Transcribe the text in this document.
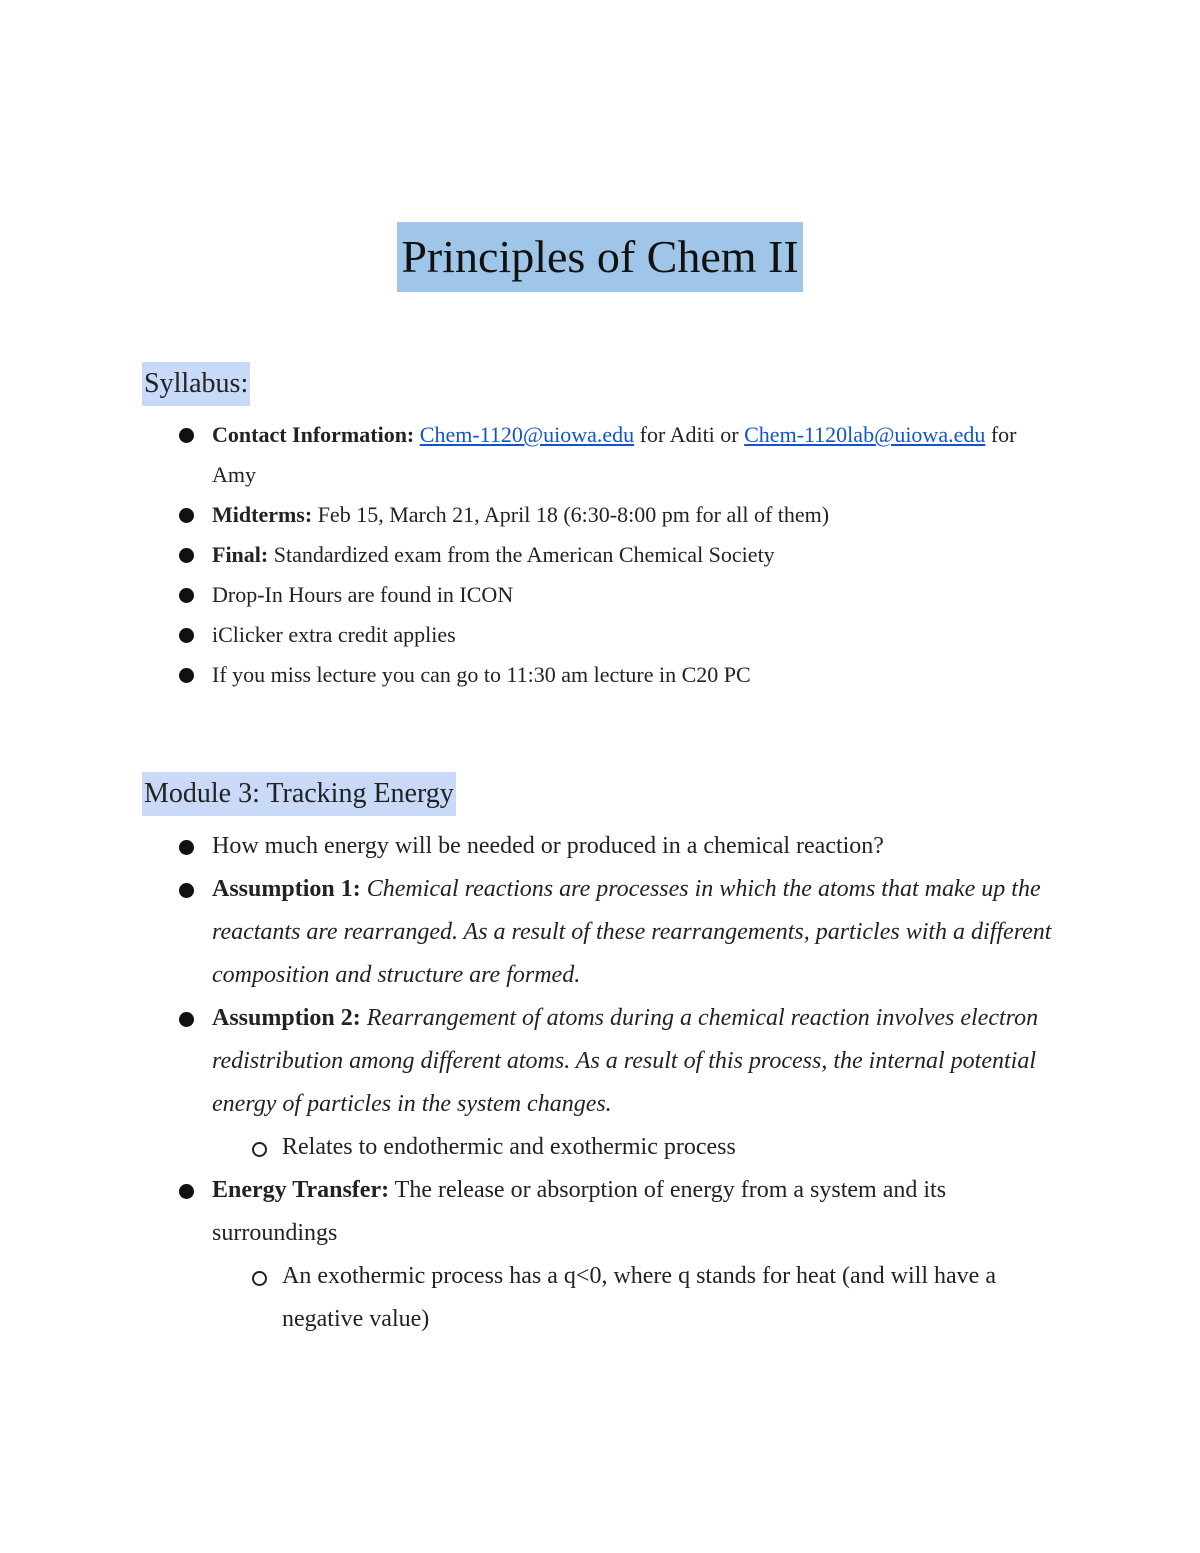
Principles of Chem II
Syllabus:
Contact Information: Chem-1120@uiowa.edu for Aditi or Chem-1120lab@uiowa.edu for Amy
Midterms: Feb 15, March 21, April 18 (6:30-8:00 pm for all of them)
Final: Standardized exam from the American Chemical Society
Drop-In Hours are found in ICON
iClicker extra credit applies
If you miss lecture you can go to 11:30 am lecture in C20 PC
Module 3: Tracking Energy
How much energy will be needed or produced in a chemical reaction?
Assumption 1: Chemical reactions are processes in which the atoms that make up the reactants are rearranged. As a result of these rearrangements, particles with a different composition and structure are formed.
Assumption 2: Rearrangement of atoms during a chemical reaction involves electron redistribution among different atoms. As a result of this process, the internal potential energy of particles in the system changes.
Relates to endothermic and exothermic process
Energy Transfer: The release or absorption of energy from a system and its surroundings
An exothermic process has a q<0, where q stands for heat (and will have a negative value)
